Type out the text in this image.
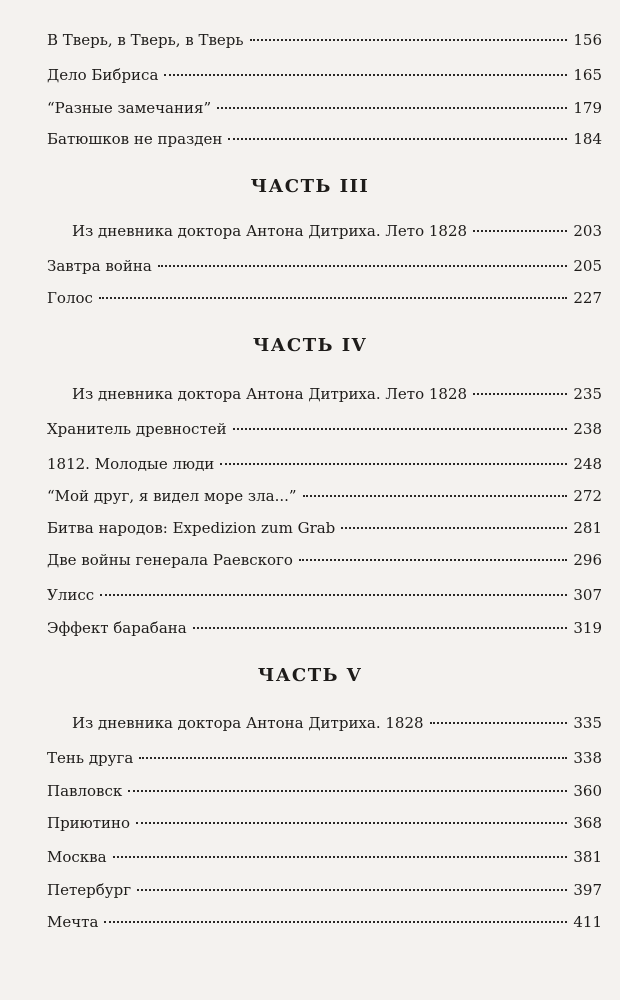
В Тверь, в Тверь, в Тверь	156
Дело Бибриса	165
“Разные замечания”	179
Батюшков не празден	184
ЧАСТЬ III
Из дневника доктора Антона Дитриха. Лето 1828	203
Завтра война	205
Голос	227
ЧАСТЬ IV
Из дневника доктора Антона Дитриха. Лето 1828	235
Хранитель древностей	238
1812. Молодые люди	248
“Мой друг, я видел море зла...”	272
Битва народов: Expedizion zum Grab	281
Две войны генерала Раевского	296
Улисс	307
Эффект барабана	319
ЧАСТЬ V
Из дневника доктора Антона Дитриха. 1828	335
Тень друга	338
Павловск	360
Приютино	368
Москва	381
Петербург	397
Мечта	411
